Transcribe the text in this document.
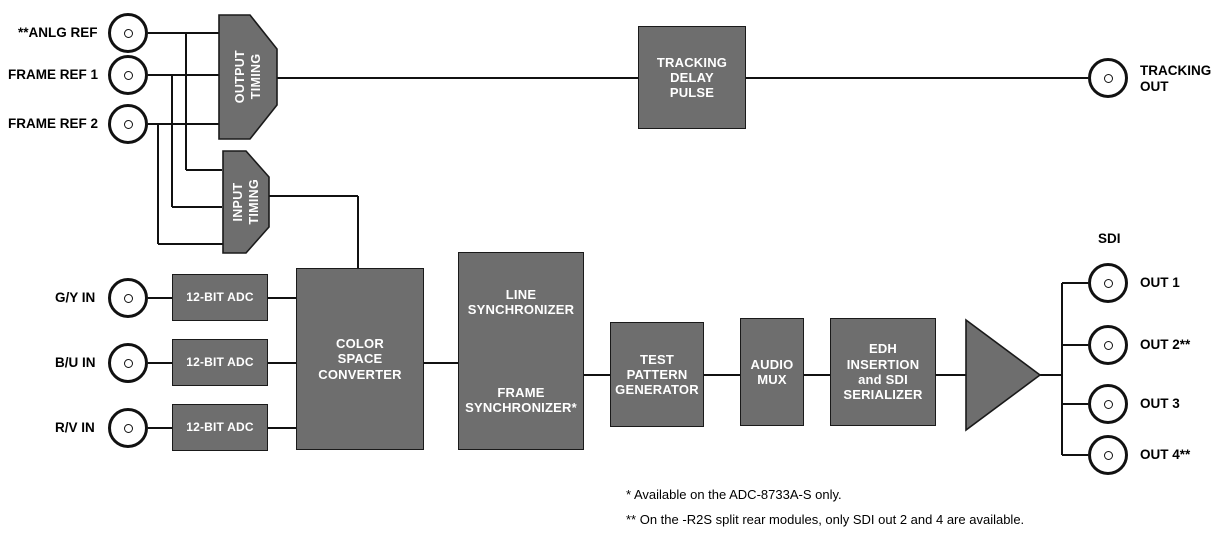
**ANLG REF
FRAME REF 1
FRAME REF 2
G/Y IN
B/U IN
R/V IN
OUTPUT TIMING
INPUT TIMING
TRACKING
DELAY
PULSE
12-BIT ADC
12-BIT ADC
12-BIT ADC
COLOR
SPACE
CONVERTER
LINE
SYNCHRONIZER
FRAME
SYNCHRONIZER*
TEST
PATTERN
GENERATOR
AUDIO
MUX
EDH
INSERTION
and SDI
SERIALIZER
TRACKING
OUT
SDI
OUT 1
OUT 2**
OUT 3
OUT 4**
* Available on the ADC-8733A-S only.
** On the -R2S split rear modules, only SDI out 2 and 4 are available.
